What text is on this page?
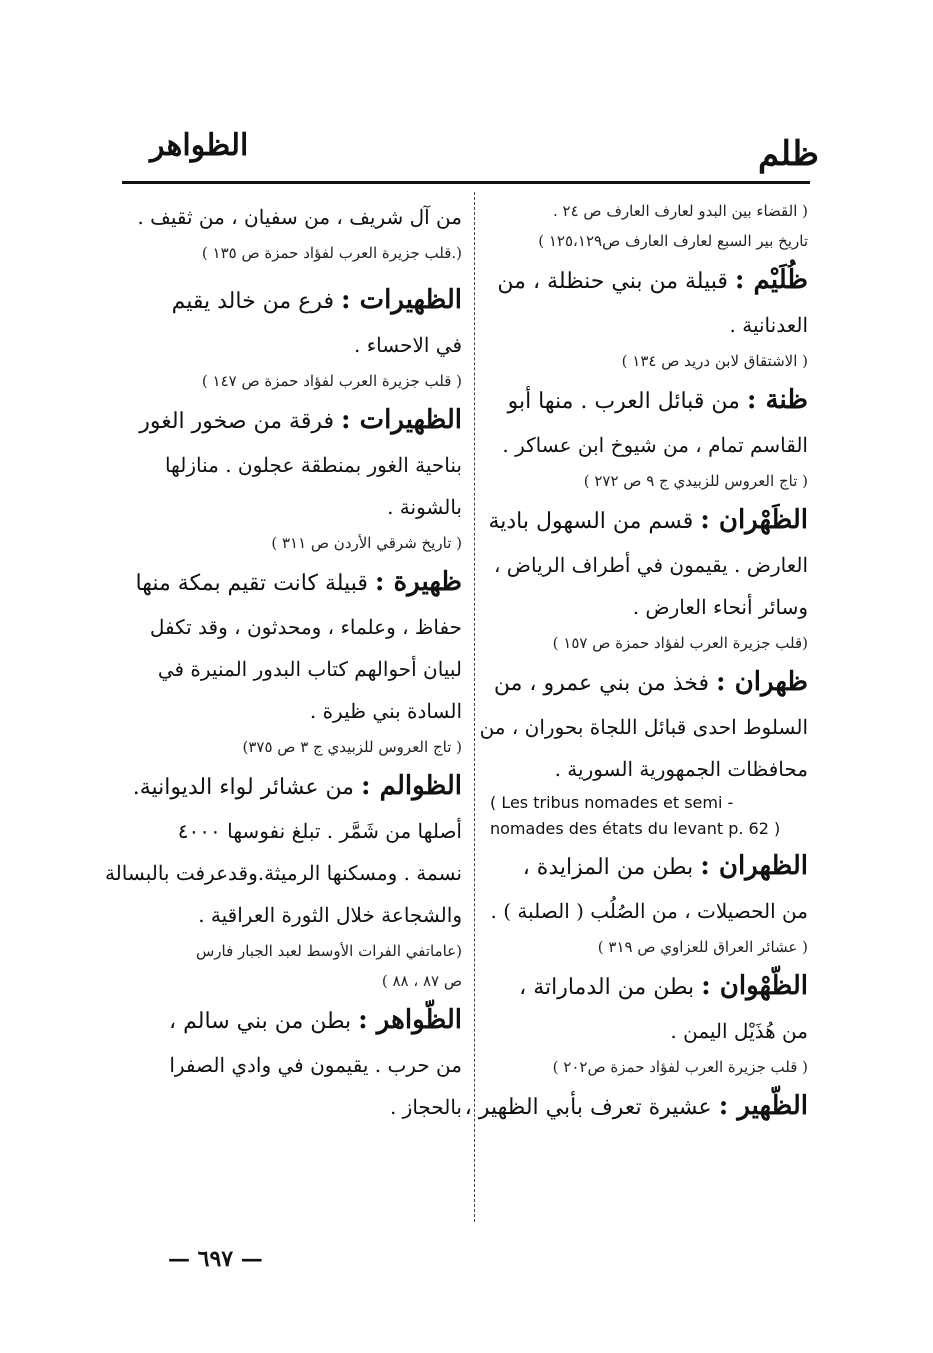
الظواهر	ظلم
( القضاء بين البدو لعارف العارف ص ٢٤ .
تاريخ بير السبع لعارف العارف ص١٢٥،١٢٩ )
ظُلَيْم : قبيلة من بني حنظلة ، من
العدنانية .
( الاشتقاق لابن دريد ص ١٣٤ )
ظنة : من قبائل العرب . منها أبو
القاسم تمام ، من شيوخ ابن عساكر .
( تاج العروس للزبيدي ج ٩ ص ٢٧٢ )
الظَهْران : قسم من السهول بادية
العارض . يقيمون في أطراف الرياض ،
وسائر أنحاء العارض .
(قلب جزيرة العرب لفؤاد حمزة ص ١٥٧ )
ظهران : فخذ من بني عمرو ، من
السلوط احدى قبائل اللجاة بحوران ، من
محافظات الجمهورية السورية .
( Les tribus nomades et semi -
nomades des états du levant p. 62 )
الظهران : بطن من المزايدة ،
من الحصيلات ، من الصُلُب ( الصلبة ) .
( عشائر العراق للعزاوي ص ٣١٩ )
الظّهْوان : بطن من الدماراتة ،
من هُذَيْل اليمن .
( قلب جزيرة العرب لفؤاد حمزة ص٢٠٢ )
الظّهير : عشيرة تعرف بأبي الظهير ،
من آل شريف ، من سفيان ، من ثقيف .
(.قلب جزيرة العرب لفؤاد حمزة ص ١٣٥ )
الظهيرات : فرع من خالد يقيم
في الاحساء .
( قلب جزيرة العرب لفؤاد حمزة ص ١٤٧ )
الظهيرات : فرقة من صخور الغور
بناحية الغور بمنطقة عجلون . منازلها
بالشونة .
( تاريخ شرقي الأردن ص ٣١١ )
ظهيرة : قبيلة كانت تقيم بمكة منها
حفاظ ، وعلماء ، ومحدثون ، وقد تكفل
لبيان أحوالهم كتاب البدور المنيرة في
السادة بني ظيرة .
( تاج العروس للزبيدي ج ٣ ص ٣٧٥)
الظوالم : من عشائر لواء الديوانية.
أصلها من شَمَّر . تبلغ نفوسها ٤٠٠٠
نسمة . ومسكنها الرميثة.وقدعرفت بالبسالة
والشجاعة خلال الثورة العراقية .
(عاماتفي الفرات الأوسط لعبد الجبار فارس
ص ٨٧ ، ٨٨ )
الظّواهر : بطن من بني سالم ،
من حرب . يقيمون في وادي الصفرا
بالحجاز .
— ٦٩٧ —
